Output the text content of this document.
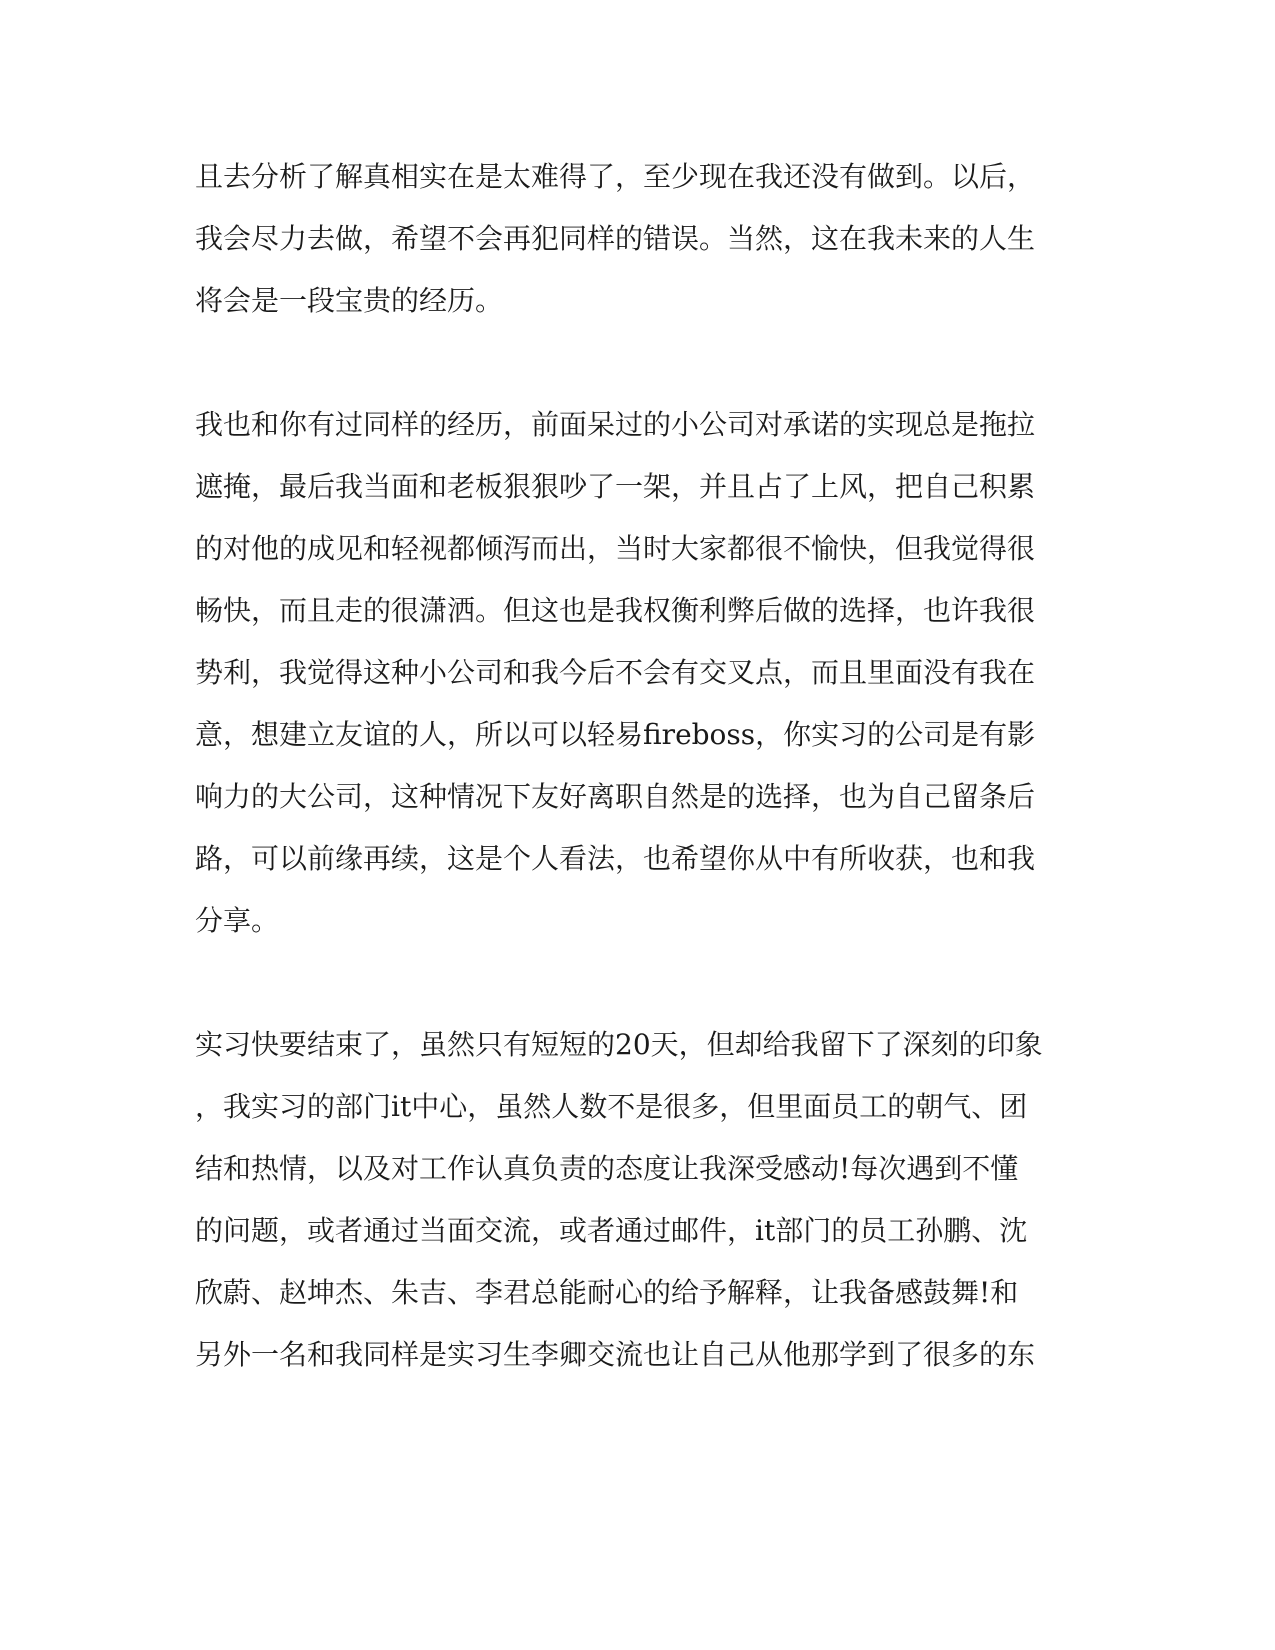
且去分析了解真相实在是太难得了，至少现在我还没有做到。以后，
我会尽力去做，希望不会再犯同样的错误。当然，这在我未来的人生
将会是一段宝贵的经历。
我也和你有过同样的经历，前面呆过的小公司对承诺的实现总是拖拉
遮掩，最后我当面和老板狠狠吵了一架，并且占了上风，把自己积累
的对他的成见和轻视都倾泻而出，当时大家都很不愉快，但我觉得很
畅快，而且走的很潇洒。但这也是我权衡利弊后做的选择，也许我很
势利，我觉得这种小公司和我今后不会有交叉点，而且里面没有我在
意，想建立友谊的人，所以可以轻易fireboss，你实习的公司是有影
响力的大公司，这种情况下友好离职自然是的选择，也为自己留条后
路，可以前缘再续，这是个人看法，也希望你从中有所收获，也和我
分享。
实习快要结束了，虽然只有短短的20天，但却给我留下了深刻的印象
，我实习的部门it中心，虽然人数不是很多，但里面员工的朝气、团
结和热情，以及对工作认真负责的态度让我深受感动!每次遇到不懂
的问题，或者通过当面交流，或者通过邮件，it部门的员工孙鹏、沈
欣蔚、赵坤杰、朱吉、李君总能耐心的给予解释，让我备感鼓舞!和
另外一名和我同样是实习生李卿交流也让自己从他那学到了很多的东
